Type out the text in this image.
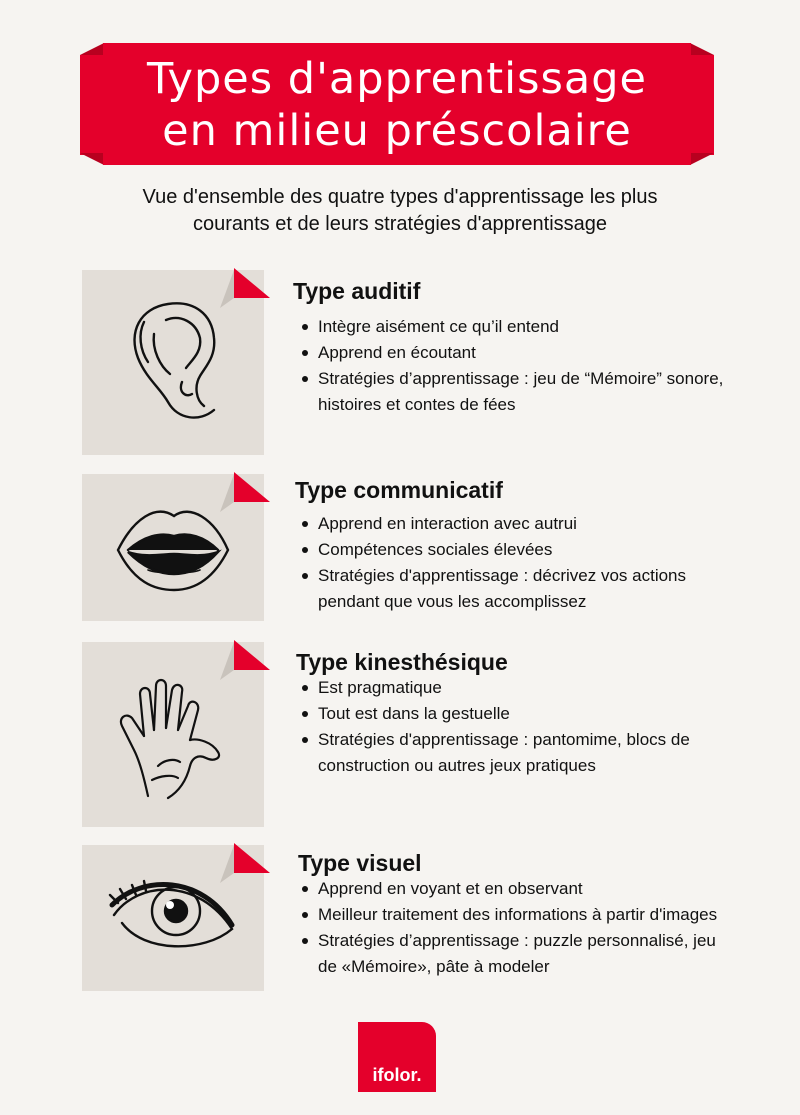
Types d'apprentissage
en milieu préscolaire
Vue d'ensemble des quatre types d'apprentissage les plus
courants et de leurs stratégies d'apprentissage
Type auditif
Intègre aisément ce qu’il entend
Apprend en écoutant
Stratégies d’apprentissage : jeu de “Mémoire” sonore, histoires et contes de fées
Type communicatif
Apprend en interaction avec autrui
Compétences sociales élevées
Stratégies d'apprentissage : décrivez vos actions pendant que vous les accomplissez
Type kinesthésique
Est pragmatique
Tout est dans la gestuelle
Stratégies d'apprentissage : pantomime, blocs de construction ou autres jeux pratiques
Type visuel
Apprend en voyant et en observant
Meilleur traitement des informations à partir d'images
Stratégies d’apprentissage : puzzle personnalisé, jeu de «Mémoire», pâte à modeler
ifolor.
